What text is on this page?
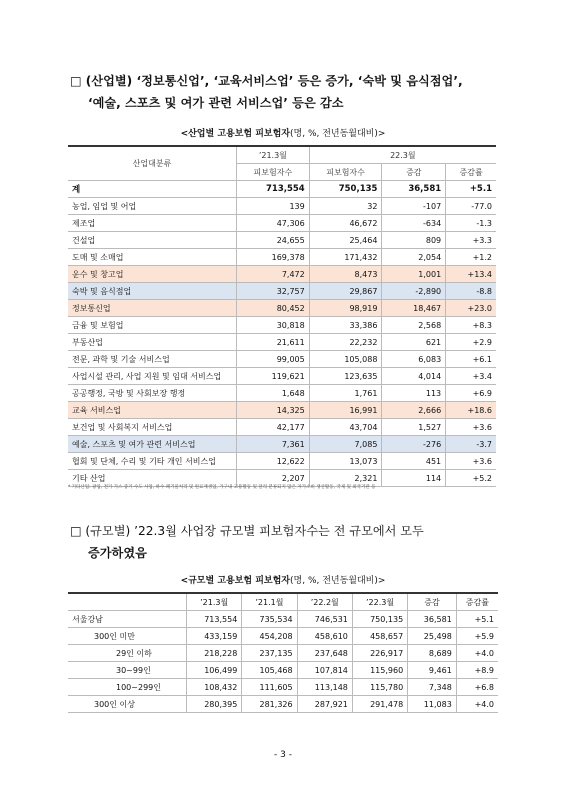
□ (산업별) ‘정보통신업’, ‘교육서비스업’ 등은 증가, ‘숙박 및 음식점업’,
‘예술, 스포츠 및 여가 관련 서비스업’ 등은 감소
<산업별 고용보험 피보험자(명, %, 전년동월대비)>
산업대분류	’21.3월	22.3월		
	피보험자수	피보험자수	증감	증감률
계	713,554	750,135	36,581	+5.1
농업, 임업 및 어업	139	32	-107	-77.0
제조업	47,306	46,672	-634	-1.3
건설업	24,655	25,464	809	+3.3
도매 및 소매업	169,378	171,432	2,054	+1.2
운수 및 창고업	7,472	8,473	1,001	+13.4
숙박 및 음식점업	32,757	29,867	-2,890	-8.8
정보통신업	80,452	98,919	18,467	+23.0
금융 및 보험업	30,818	33,386	2,568	+8.3
부동산업	21,611	22,232	621	+2.9
전문, 과학 및 기술 서비스업	99,005	105,088	6,083	+6.1
사업시설 관리, 사업 지원 및 임대 서비스업	119,621	123,635	4,014	+3.4
공공행정, 국방 및 사회보장 행정	1,648	1,761	113	+6.9
교육 서비스업	14,325	16,991	2,666	+18.6
보건업 및 사회복지 서비스업	42,177	43,704	1,527	+3.6
예술, 스포츠 및 여가 관련 서비스업	7,361	7,085	-276	-3.7
협회 및 단체, 수리 및 기타 개인 서비스업	12,622	13,073	451	+3.6
기타 산업	2,207	2,321	114	+5.2
* 기타산업: 광업, 전기·가스·증기·수도 사업, 하수·폐기물처리 및 원료재생업, 가구내 고용활동 및 달리 분류되지 않은 자가소비 생산활동, 국제 및 외국기관 등
□ (규모별) ’22.3월 사업장 규모별 피보험자수는 전 규모에서 모두
증가하였음
<규모별 고용보험 피보험자(명, %, 전년동월대비)>
	’21.3월	’21.1월	’22.2월	’22.3월	증감	증감률
서울강남	713,554	735,534	746,531	750,135	36,581	+5.1
300인 미만	433,159	454,208	458,610	458,657	25,498	+5.9
29인 이하	218,228	237,135	237,648	226,917	8,689	+4.0
30~99인	106,499	105,468	107,814	115,960	9,461	+8.9
100~299인	108,432	111,605	113,148	115,780	7,348	+6.8
300인 이상	280,395	281,326	287,921	291,478	11,083	+4.0
- 3 -
